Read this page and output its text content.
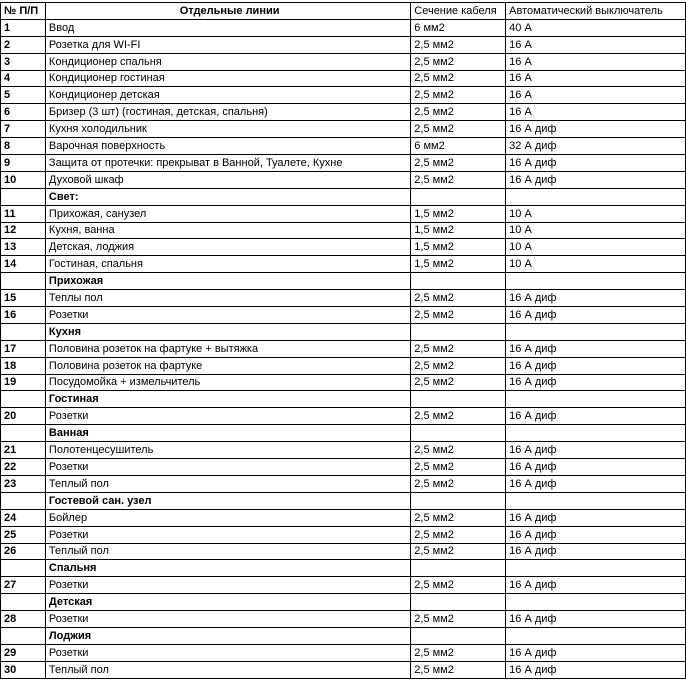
№ П/П	Отдельные линии	Сечение кабеля	Автоматический выключатель
1	Ввод	6 мм2	40 А
2	Розетка для WI-FI	2,5 мм2	16 А
3	Кондиционер спальня	2,5 мм2	16 А
4	Кондиционер гостиная	2,5 мм2	16 А
5	Кондиционер детская	2,5 мм2	16 А
6	Бризер (3 шт) (гостиная, детская, спальня)	2,5 мм2	16 А
7	Кухня холодильник	2,5 мм2	16 А диф
8	Варочная поверхность	6 мм2	32 А диф
9	Защита от протечки: прекрыват в Ванной, Туалете, Кухне	2,5 мм2	16 А диф
10	Духовой шкаф	2,5 мм2	16 А диф
	Свет:		
11	Прихожая, санузел	1,5 мм2	10 А
12	Кухня, ванна	1,5 мм2	10 А
13	Детская, лоджия	1,5 мм2	10 А
14	Гостиная, спальня	1,5 мм2	10 А
	Прихожая		
15	Теплы пол	2,5 мм2	16 А диф
16	Розетки	2,5 мм2	16 А диф
	Кухня		
17	Половина розеток на фартуке + вытяжка	2,5 мм2	16 А диф
18	Половина розеток на фартуке	2,5 мм2	16 А диф
19	Посудомойка + измельчитель	2,5 мм2	16 А диф
	Гостиная		
20	Розетки	2,5 мм2	16 А диф
	Ванная		
21	Полотенцесушитель	2,5 мм2	16 А диф
22	Розетки	2,5 мм2	16 А диф
23	Теплый пол	2,5 мм2	16 А диф
	Гостевой сан. узел		
24	Бойлер	2,5 мм2	16 А диф
25	Розетки	2,5 мм2	16 А диф
26	Теплый пол	2,5 мм2	16 А диф
	Спальня		
27	Розетки	2,5 мм2	16 А диф
	Детская		
28	Розетки	2,5 мм2	16 А диф
	Лоджия		
29	Розетки	2,5 мм2	16 А диф
30	Теплый пол	2,5 мм2	16 А диф
